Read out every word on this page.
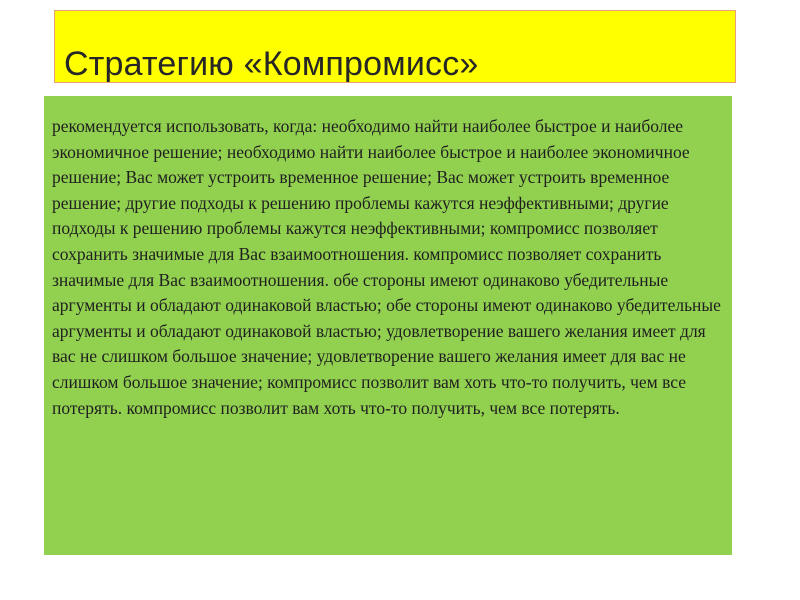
Стратегию «Компромисс»

рекомендуется использовать, когда: необходимо найти наиболее быстрое и наиболее экономичное решение; необходимо найти наиболее быстрое и наиболее экономичное решение; Вас может устроить временное решение; Вас может устроить временное решение; другие подходы к решению проблемы кажутся неэффективными; другие подходы к решению проблемы кажутся неэффективными; компромисс позволяет сохранить значимые для Вас взаимоотношения. компромисс позволяет сохранить значимые для Вас взаимоотношения. обе стороны имеют одинаково убедительные аргументы и обладают одинаковой властью; обе стороны имеют одинаково убедительные аргументы и обладают одинаковой властью; удовлетворение вашего желания имеет для вас не слишком большое значение; удовлетворение вашего желания имеет для вас не слишком большое значение; компромисс позволит вам хоть что-то получить, чем все потерять. компромисс позволит вам хоть что-то получить, чем все потерять.
